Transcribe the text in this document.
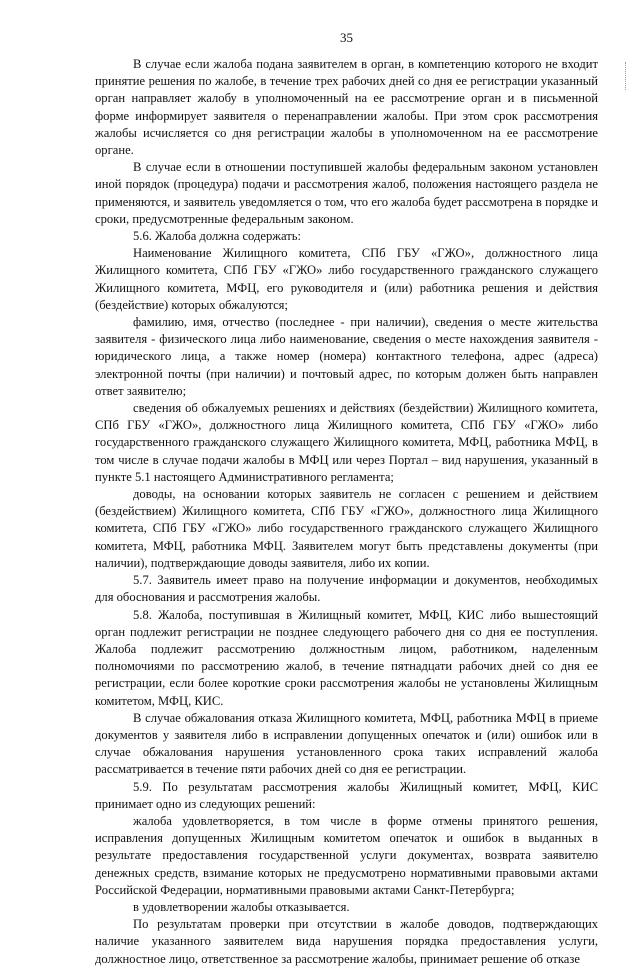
35

В случае если жалоба подана заявителем в орган, в компетенцию которого не входит принятие решения по жалобе, в течение трех рабочих дней со дня ее регистрации указанный орган направляет жалобу в уполномоченный на ее рассмотрение орган и в письменной форме информирует заявителя о перенаправлении жалобы. При этом срок рассмотрения жалобы исчисляется со дня регистрации жалобы в уполномоченном на ее рассмотрение органе.

В случае если в отношении поступившей жалобы федеральным законом установлен иной порядок (процедура) подачи и рассмотрения жалоб, положения настоящего раздела не применяются, и заявитель уведомляется о том, что его жалоба будет рассмотрена в порядке и сроки, предусмотренные федеральным законом.

5.6. Жалоба должна содержать:

Наименование Жилищного комитета, СПб ГБУ «ГЖО», должностного лица Жилищного комитета, СПб ГБУ «ГЖО» либо государственного гражданского служащего Жилищного комитета, МФЦ, его руководителя и (или) работника решения и действия (бездействие) которых обжалуются;

фамилию, имя, отчество (последнее - при наличии), сведения о месте жительства заявителя - физического лица либо наименование, сведения о месте нахождения заявителя - юридического лица, а также номер (номера) контактного телефона, адрес (адреса) электронной почты (при наличии) и почтовый адрес, по которым должен быть направлен ответ заявителю;

сведения об обжалуемых решениях и действиях (бездействии) Жилищного комитета, СПб ГБУ «ГЖО», должностного лица Жилищного комитета, СПб ГБУ «ГЖО» либо государственного гражданского служащего Жилищного комитета, МФЦ, работника МФЦ, в том числе в случае подачи жалобы в МФЦ или через Портал – вид нарушения, указанный в пункте 5.1 настоящего Административного регламента;

доводы, на основании которых заявитель не согласен с решением и действием (бездействием) Жилищного комитета, СПб ГБУ «ГЖО», должностного лица Жилищного комитета, СПб ГБУ «ГЖО» либо государственного гражданского служащего Жилищного комитета, МФЦ, работника МФЦ. Заявителем могут быть представлены документы (при наличии), подтверждающие доводы заявителя, либо их копии.

5.7. Заявитель имеет право на получение информации и документов, необходимых для обоснования и рассмотрения жалобы.

5.8. Жалоба, поступившая в Жилищный комитет, МФЦ, КИС либо вышестоящий орган подлежит регистрации не позднее следующего рабочего дня со дня ее поступления. Жалоба подлежит рассмотрению должностным лицом, работником, наделенным полномочиями по рассмотрению жалоб, в течение пятнадцати рабочих дней со дня ее регистрации, если более короткие сроки рассмотрения жалобы не установлены Жилищным комитетом, МФЦ, КИС.

В случае обжалования отказа Жилищного комитета, МФЦ, работника МФЦ в приеме документов у заявителя либо в исправлении допущенных опечаток и (или) ошибок или в случае обжалования нарушения установленного срока таких исправлений жалоба рассматривается в течение пяти рабочих дней со дня ее регистрации.

5.9. По результатам рассмотрения жалобы Жилищный комитет, МФЦ, КИС принимает одно из следующих решений:

жалоба удовлетворяется, в том числе в форме отмены принятого решения, исправления допущенных Жилищным комитетом опечаток и ошибок в выданных в результате предоставления государственной услуги документах, возврата заявителю денежных средств, взимание которых не предусмотрено нормативными правовыми актами Российской Федерации, нормативными правовыми актами Санкт-Петербурга;

в удовлетворении жалобы отказывается.

По результатам проверки при отсутствии в жалобе доводов, подтверждающих наличие указанного заявителем вида нарушения порядка предоставления услуги, должностное лицо, ответственное за рассмотрение жалобы, принимает решение об отказе
